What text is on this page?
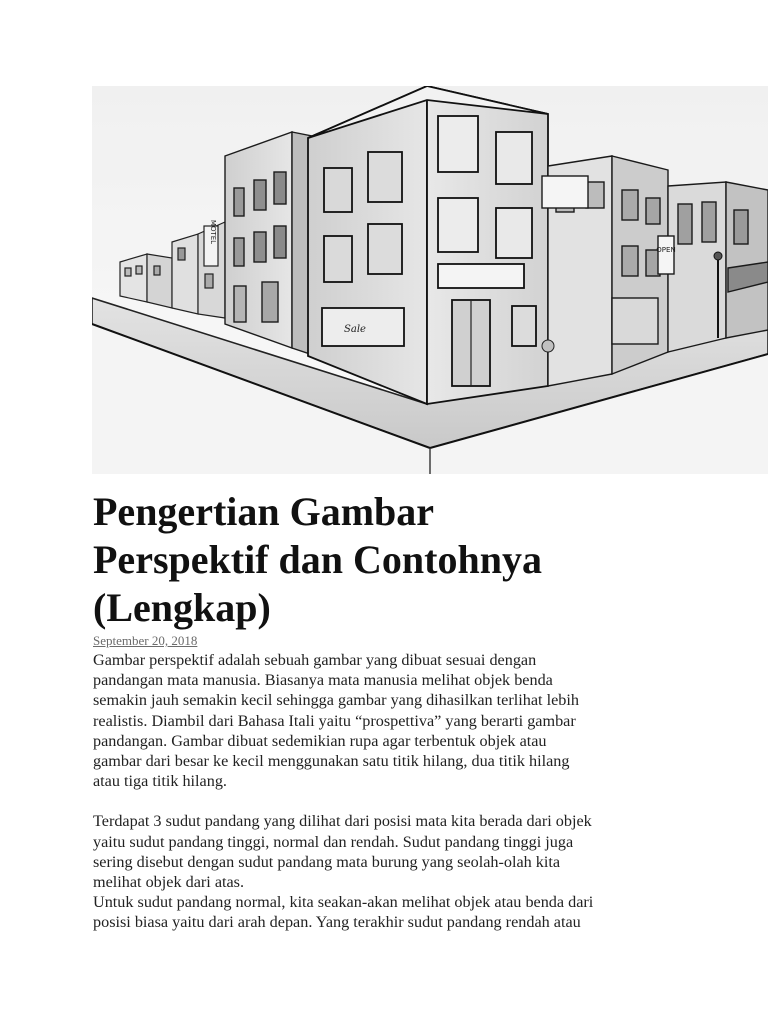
MOTEL
Sale
OPEN
Pengertian Gambar
Perspektif dan Contohnya
(Lengkap)
September 20, 2018

Gambar perspektif adalah sebuah gambar yang dibuat sesuai dengan
pandangan mata manusia. Biasanya mata manusia melihat objek benda
semakin jauh semakin kecil sehingga gambar yang dihasilkan terlihat lebih
realistis. Diambil dari Bahasa Itali yaitu “prospettiva” yang berarti gambar
pandangan. Gambar dibuat sedemikian rupa agar terbentuk objek atau
gambar dari besar ke kecil menggunakan satu titik hilang, dua titik hilang
atau tiga titik hilang.

Terdapat 3 sudut pandang yang dilihat dari posisi mata kita berada dari objek
yaitu sudut pandang tinggi, normal dan rendah. Sudut pandang tinggi juga
sering disebut dengan sudut pandang mata burung yang seolah-olah kita
melihat objek dari atas.

Untuk sudut pandang normal, kita seakan-akan melihat objek atau benda dari
posisi biasa yaitu dari arah depan. Yang terakhir sudut pandang rendah atau
